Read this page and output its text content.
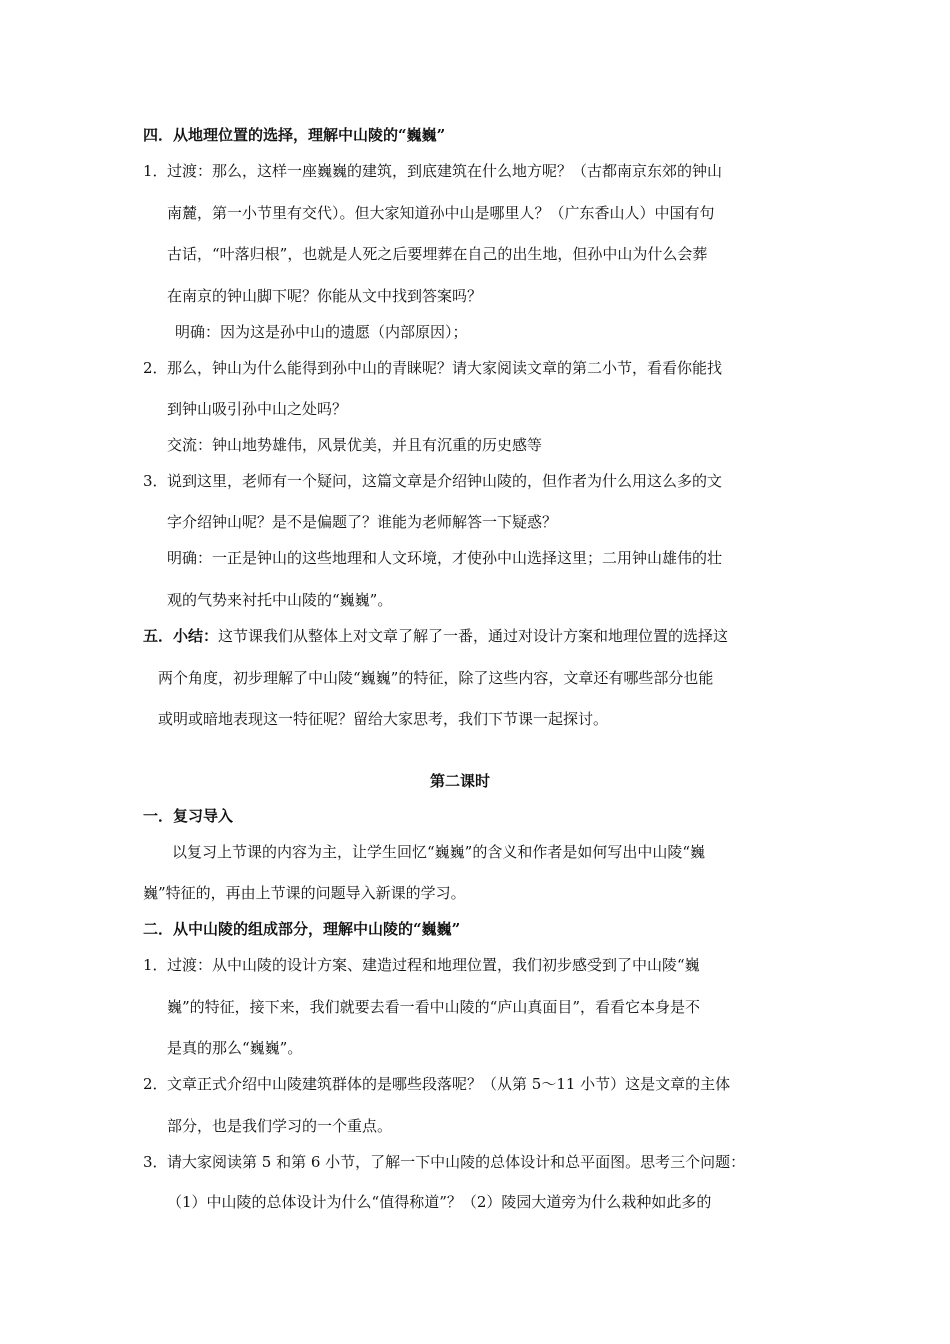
四．从地理位置的选择，理解中山陵的“巍巍”
1．过渡：那么，这样一座巍巍的建筑，到底建筑在什么地方呢？（古都南京东郊的钟山
南麓，第一小节里有交代）。但大家知道孙中山是哪里人？（广东香山人）中国有句
古话，“叶落归根”，也就是人死之后要埋葬在自己的出生地，但孙中山为什么会葬
在南京的钟山脚下呢？你能从文中找到答案吗？
明确：因为这是孙中山的遗愿（内部原因）；
2．那么，钟山为什么能得到孙中山的青睐呢？请大家阅读文章的第二小节，看看你能找
到钟山吸引孙中山之处吗？
交流：钟山地势雄伟，风景优美，并且有沉重的历史感等
3．说到这里，老师有一个疑问，这篇文章是介绍钟山陵的，但作者为什么用这么多的文
字介绍钟山呢？是不是偏题了？谁能为老师解答一下疑惑？
明确：一正是钟山的这些地理和人文环境，才使孙中山选择这里；二用钟山雄伟的壮
观的气势来衬托中山陵的“巍巍”。
五．小结：这节课我们从整体上对文章了解了一番，通过对设计方案和地理位置的选择这
两个角度，初步理解了中山陵“巍巍”的特征，除了这些内容，文章还有哪些部分也能
或明或暗地表现这一特征呢？留给大家思考，我们下节课一起探讨。
第二课时
一．复习导入
以复习上节课的内容为主，让学生回忆“巍巍”的含义和作者是如何写出中山陵“巍
巍”特征的，再由上节课的问题导入新课的学习。
二．从中山陵的组成部分，理解中山陵的“巍巍”
1．过渡：从中山陵的设计方案、建造过程和地理位置，我们初步感受到了中山陵“巍
巍”的特征，接下来，我们就要去看一看中山陵的“庐山真面目”，看看它本身是不
是真的那么“巍巍”。
2．文章正式介绍中山陵建筑群体的是哪些段落呢？（从第 5～11 小节）这是文章的主体
部分，也是我们学习的一个重点。
3．请大家阅读第 5 和第 6 小节，了解一下中山陵的总体设计和总平面图。思考三个问题：
（1）中山陵的总体设计为什么“值得称道”？（2）陵园大道旁为什么栽种如此多的
